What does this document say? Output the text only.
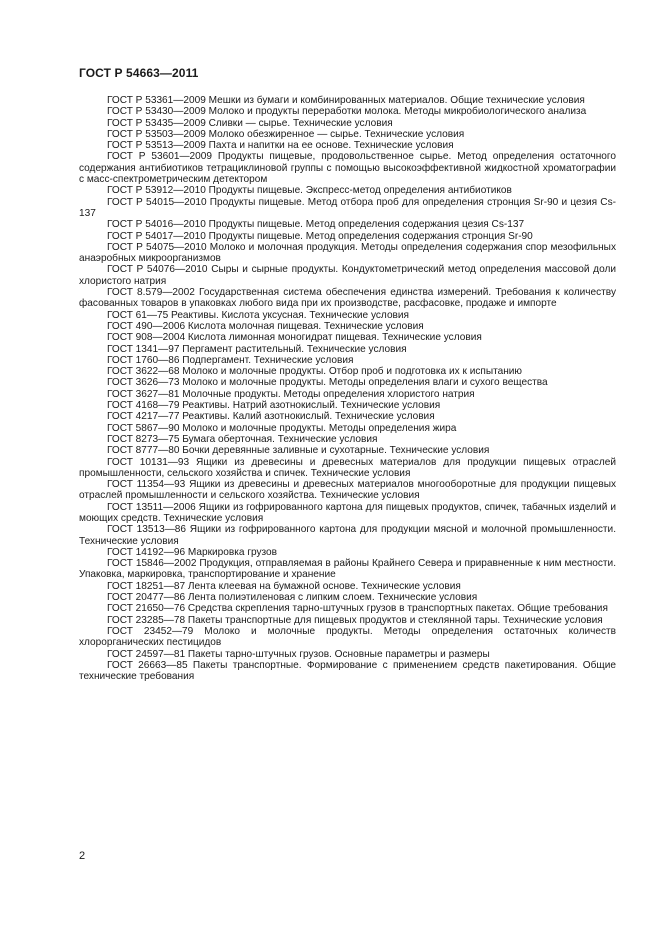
ГОСТ Р 54663—2011

ГОСТ Р 53361—2009 Мешки из бумаги и комбинированных материалов. Общие технические условия

ГОСТ Р 53430—2009 Молоко и продукты переработки молока. Методы микробиологического анализа

ГОСТ Р 53435—2009 Сливки — сырье. Технические условия

ГОСТ Р 53503—2009 Молоко обезжиренное — сырье. Технические условия

ГОСТ Р 53513—2009 Пахта и напитки на ее основе. Технические условия

ГОСТ Р 53601—2009 Продукты пищевые, продовольственное сырье. Метод определения остаточного содержания антибиотиков тетрациклиновой группы с помощью высокоэффективной жидкостной хроматографии с масс-спектрометрическим детектором

ГОСТ Р 53912—2010 Продукты пищевые. Экспресс-метод определения антибиотиков

ГОСТ Р 54015—2010 Продукты пищевые. Метод отбора проб для определения стронция Sr-90 и цезия Cs-137

ГОСТ Р 54016—2010 Продукты пищевые. Метод определения содержания цезия Cs-137

ГОСТ Р 54017—2010 Продукты пищевые. Метод определения содержания стронция Sr-90

ГОСТ Р 54075—2010 Молоко и молочная продукция. Методы определения содержания спор мезофильных анаэробных микроорганизмов

ГОСТ Р 54076—2010 Сыры и сырные продукты. Кондуктометрический метод определения массовой доли хлористого натрия

ГОСТ 8.579—2002 Государственная система обеспечения единства измерений. Требования к количеству фасованных товаров в упаковках любого вида при их производстве, расфасовке, продаже и импорте

ГОСТ 61—75 Реактивы. Кислота уксусная. Технические условия

ГОСТ 490—2006 Кислота молочная пищевая. Технические условия

ГОСТ 908—2004 Кислота лимонная моногидрат пищевая. Технические условия

ГОСТ 1341—97 Пергамент растительный. Технические условия

ГОСТ 1760—86 Подпергамент. Технические условия

ГОСТ 3622—68 Молоко и молочные продукты. Отбор проб и подготовка их к испытанию

ГОСТ 3626—73 Молоко и молочные продукты. Методы определения влаги и сухого вещества

ГОСТ 3627—81 Молочные продукты. Методы определения хлористого натрия

ГОСТ 4168—79 Реактивы. Натрий азотнокислый. Технические условия

ГОСТ 4217—77 Реактивы. Калий азотнокислый. Технические условия

ГОСТ 5867—90 Молоко и молочные продукты. Методы определения жира

ГОСТ 8273—75 Бумага оберточная. Технические условия

ГОСТ 8777—80 Бочки деревянные заливные и сухотарные. Технические условия

ГОСТ 10131—93 Ящики из древесины и древесных материалов для продукции пищевых отраслей промышленности, сельского хозяйства и спичек. Технические условия

ГОСТ 11354—93 Ящики из древесины и древесных материалов многооборотные для продукции пищевых отраслей промышленности и сельского хозяйства. Технические условия

ГОСТ 13511—2006 Ящики из гофрированного картона для пищевых продуктов, спичек, табачных изделий и моющих средств. Технические условия

ГОСТ 13513—86 Ящики из гофрированного картона для продукции мясной и молочной промышленности. Технические условия

ГОСТ 14192—96 Маркировка грузов

ГОСТ 15846—2002 Продукция, отправляемая в районы Крайнего Севера и приравненные к ним местности. Упаковка, маркировка, транспортирование и хранение

ГОСТ 18251—87 Лента клеевая на бумажной основе. Технические условия

ГОСТ 20477—86 Лента полиэтиленовая с липким слоем. Технические условия

ГОСТ 21650—76 Средства скрепления тарно-штучных грузов в транспортных пакетах. Общие требования

ГОСТ 23285—78 Пакеты транспортные для пищевых продуктов и стеклянной тары. Технические условия

ГОСТ 23452—79 Молоко и молочные продукты. Методы определения остаточных количеств хлорорганических пестицидов

ГОСТ 24597—81 Пакеты тарно-штучных грузов. Основные параметры и размеры

ГОСТ 26663—85 Пакеты транспортные. Формирование с применением средств пакетирования. Общие технические требования

2
